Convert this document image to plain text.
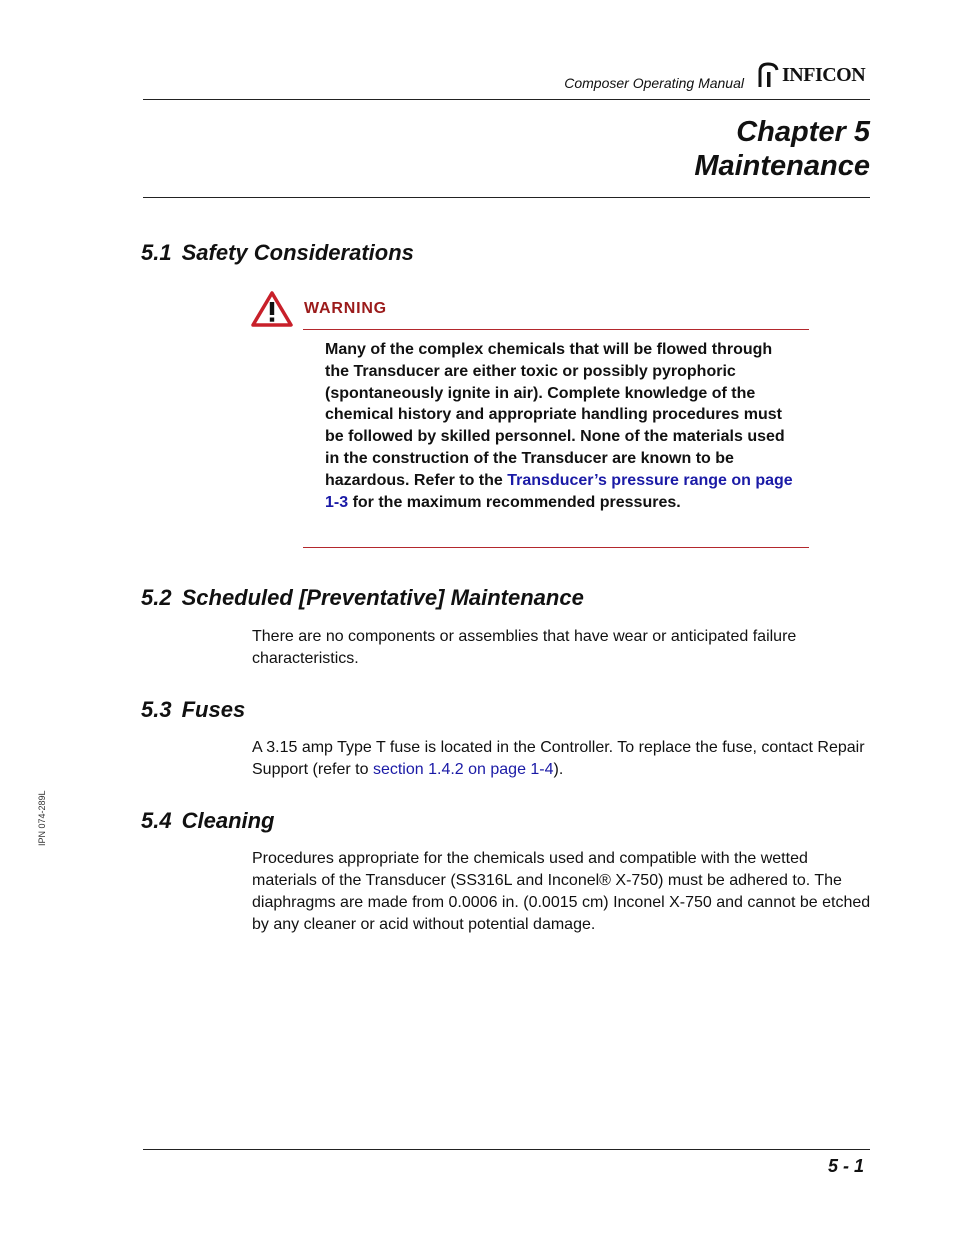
Composer Operating Manual INFICON
Chapter 5
Maintenance
5.1 Safety Considerations
WARNING
Many of the complex chemicals that will be flowed through the Transducer are either toxic or possibly pyrophoric (spontaneously ignite in air). Complete knowledge of the chemical history and appropriate handling procedures must be followed by skilled personnel. None of the materials used in the construction of the Transducer are known to be hazardous. Refer to the Transducer’s pressure range on page 1-3 for the maximum recommended pressures.
5.2 Scheduled [Preventative] Maintenance
There are no components or assemblies that have wear or anticipated failure characteristics.
5.3 Fuses
A 3.15 amp Type T fuse is located in the Controller. To replace the fuse, contact Repair Support (refer to section 1.4.2 on page 1-4).
5.4 Cleaning
Procedures appropriate for the chemicals used and compatible with the wetted materials of the Transducer (SS316L and Inconel® X-750) must be adhered to. The diaphragms are made from 0.0006 in. (0.0015 cm) Inconel X-750 and cannot be etched by any cleaner or acid without potential damage.
IPN 074-289L
5 - 1
